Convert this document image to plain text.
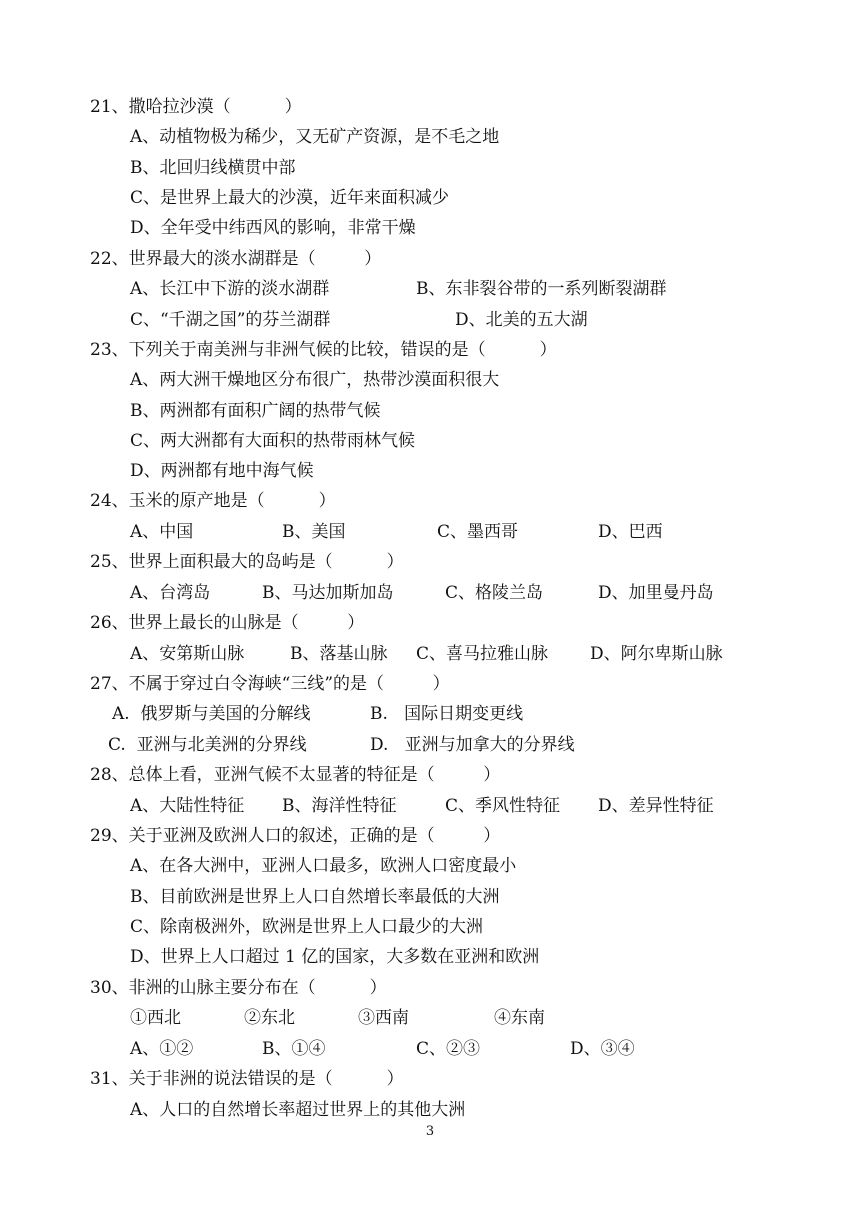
21、撒哈拉沙漠（          ）
A、动植物极为稀少，又无矿产资源，是不毛之地
B、北回归线横贯中部
C、是世界上最大的沙漠，近年来面积减少
D、全年受中纬西风的影响，非常干燥
22、世界最大的淡水湖群是（         ）
A、长江中下游的淡水湖群	B、东非裂谷带的一系列断裂湖群
C、“千湖之国”的芬兰湖群	D、北美的五大湖
23、下列关于南美洲与非洲气候的比较，错误的是（          ）
A、两大洲干燥地区分布很广，热带沙漠面积很大
B、两洲都有面积广阔的热带气候
C、两大洲都有大面积的热带雨林气候
D、两洲都有地中海气候
24、玉米的原产地是（          ）
A、中国	B、美国	C、墨西哥	D、巴西
25、世界上面积最大的岛屿是（          ）
A、台湾岛	B、马达加斯加岛	C、格陵兰岛	D、加里曼丹岛
26、世界上最长的山脉是（         ）
A、安第斯山脉	B、落基山脉 C、喜马拉雅山脉 D、阿尔卑斯山脉
27、不属于穿过白令海峡“三线”的是（         ）
A.  俄罗斯与美国的分解线	B.   国际日期变更线
C.  亚洲与北美洲的分界线	D.   亚洲与加拿大的分界线
28、总体上看，亚洲气候不太显著的特征是（         ）
A、大陆性特征 B、海洋性特征	C、季风性特征 D、差异性特征
29、关于亚洲及欧洲人口的叙述，正确的是（         ）
A、在各大洲中，亚洲人口最多，欧洲人口密度最小
B、目前欧洲是世界上人口自然增长率最低的大洲
C、除南极洲外，欧洲是世界上人口最少的大洲
D、世界上人口超过 1 亿的国家，大多数在亚洲和欧洲
30、非洲的山脉主要分布在（          ）
①西北	②东北	③西南	④东南
A、①②	B、①④	C、②③	D、③④
31、关于非洲的说法错误的是（          ）
A、人口的自然增长率超过世界上的其他大洲
3
